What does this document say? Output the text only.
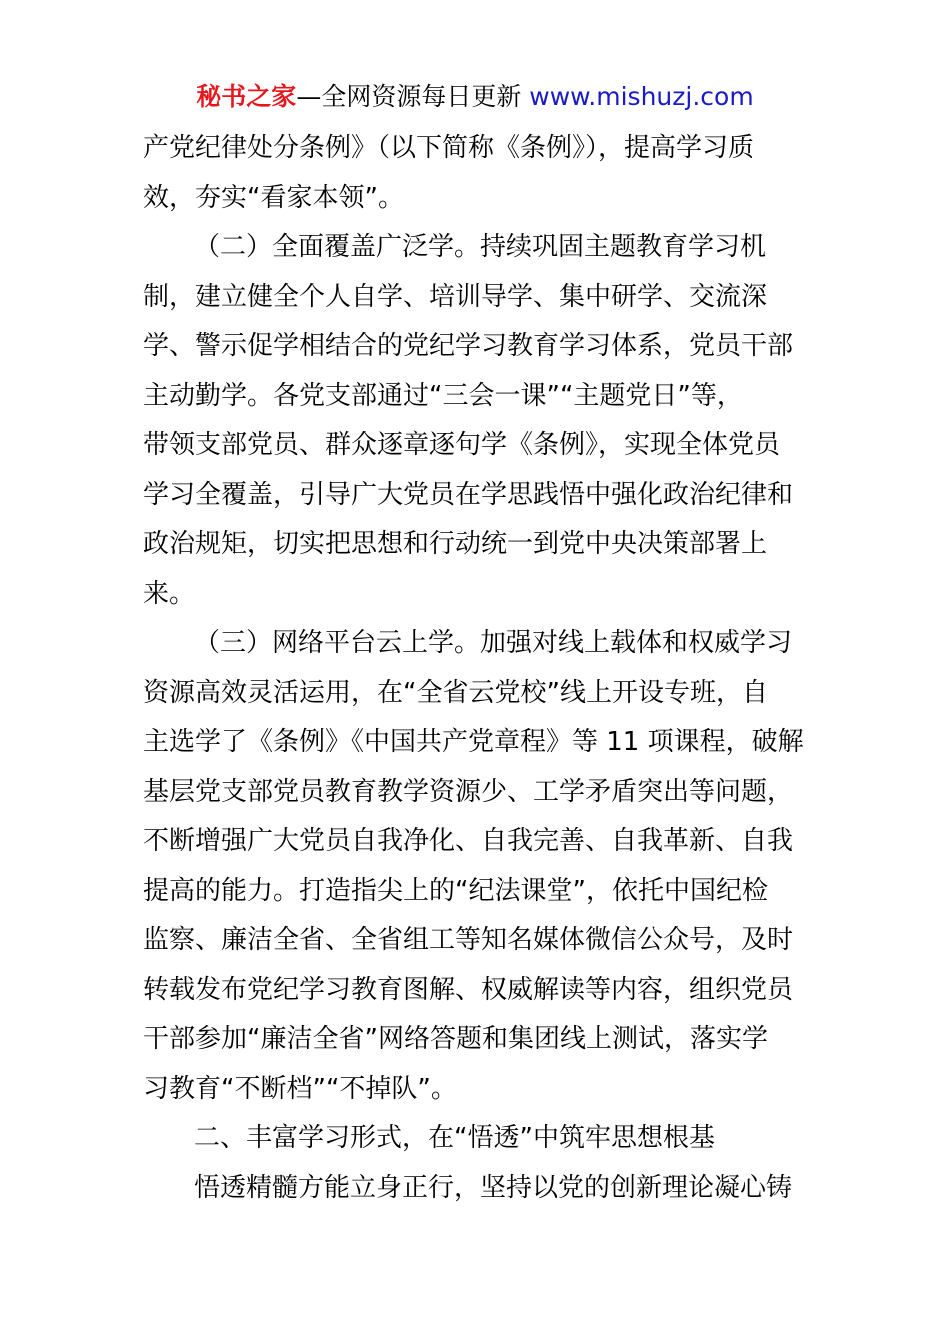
秘书之家—全网资源每日更新 www.mishuzj.com
产党纪律处分条例》（以下简称《条例》），提高学习质
效，夯实“看家本领”。
（二）全面覆盖广泛学。持续巩固主题教育学习机
制，建立健全个人自学、培训导学、集中研学、交流深
学、警示促学相结合的党纪学习教育学习体系，党员干部
主动勤学。各党支部通过“三会一课”“主题党日”等，
带领支部党员、群众逐章逐句学《条例》，实现全体党员
学习全覆盖，引导广大党员在学思践悟中强化政治纪律和
政治规矩，切实把思想和行动统一到党中央决策部署上
来。
（三）网络平台云上学。加强对线上载体和权威学习
资源高效灵活运用，在“全省云党校”线上开设专班，自
主选学了《条例》《中国共产党章程》等 11 项课程，破解
基层党支部党员教育教学资源少、工学矛盾突出等问题，
不断增强广大党员自我净化、自我完善、自我革新、自我
提高的能力。打造指尖上的“纪法课堂”，依托中国纪检
监察、廉洁全省、全省组工等知名媒体微信公众号，及时
转载发布党纪学习教育图解、权威解读等内容，组织党员
干部参加“廉洁全省”网络答题和集团线上测试，落实学
习教育“不断档”“不掉队”。
二、丰富学习形式，在“悟透”中筑牢思想根基
悟透精髓方能立身正行，坚持以党的创新理论凝心铸
